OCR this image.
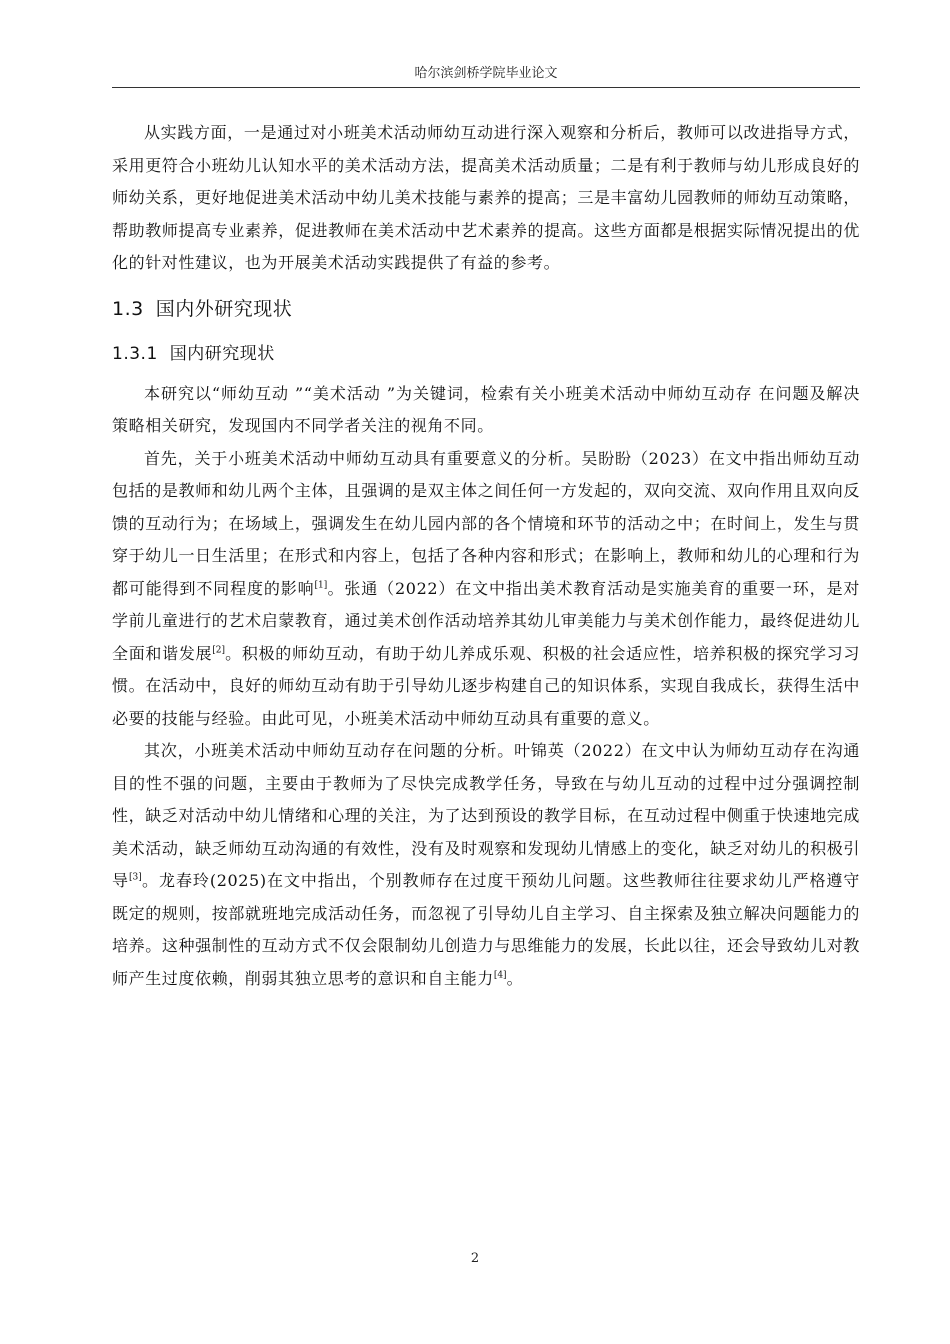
哈尔滨剑桥学院毕业论文

从实践方面，一是通过对小班美术活动师幼互动进行深入观察和分析后，教师可以改进指导方式，采用更符合小班幼儿认知水平的美术活动方法，提高美术活动质量；二是有利于教师与幼儿形成良好的师幼关系，更好地促进美术活动中幼儿美术技能与素养的提高；三是丰富幼儿园教师的师幼互动策略，帮助教师提高专业素养，促进教师在美术活动中艺术素养的提高。这些方面都是根据实际情况提出的优化的针对性建议，也为开展美术活动实践提供了有益的参考。

1.3 国内外研究现状
1.3.1 国内研究现状

本研究以“师幼互动 ”“美术活动 ”为关键词，检索有关小班美术活动中师幼互动存 在问题及解决策略相关研究，发现国内不同学者关注的视角不同。

首先，关于小班美术活动中师幼互动具有重要意义的分析。吴盼盼（2023）在文中指出师幼互动包括的是教师和幼儿两个主体，且强调的是双主体之间任何一方发起的，双向交流、双向作用且双向反馈的互动行为；在场域上，强调发生在幼儿园内部的各个情境和环节的活动之中；在时间上，发生与贯穿于幼儿一日生活里；在形式和内容上，包括了各种内容和形式；在影响上，教师和幼儿的心理和行为都可能得到不同程度的影响[1]。张通（2022）在文中指出美术教育活动是实施美育的重要一环，是对学前儿童进行的艺术启蒙教育，通过美术创作活动培养其幼儿审美能力与美术创作能力，最终促进幼儿全面和谐发展[2]。积极的师幼互动，有助于幼儿养成乐观、积极的社会适应性，培养积极的探究学习习惯。在活动中，良好的师幼互动有助于引导幼儿逐步构建自己的知识体系，实现自我成长，获得生活中必要的技能与经验。由此可见，小班美术活动中师幼互动具有重要的意义。

其次，小班美术活动中师幼互动存在问题的分析。叶锦英（2022）在文中认为师幼互动存在沟通目的性不强的问题，主要由于教师为了尽快完成教学任务，导致在与幼儿互动的过程中过分强调控制性，缺乏对活动中幼儿情绪和心理的关注，为了达到预设的教学目标，在互动过程中侧重于快速地完成美术活动，缺乏师幼互动沟通的有效性，没有及时观察和发现幼儿情感上的变化，缺乏对幼儿的积极引导[3]。龙春玲(2025)在文中指出，个别教师存在过度干预幼儿问题。这些教师往往要求幼儿严格遵守既定的规则，按部就班地完成活动任务，而忽视了引导幼儿自主学习、自主探索及独立解决问题能力的培养。这种强制性的互动方式不仅会限制幼儿创造力与思维能力的发展，长此以往，还会导致幼儿对教师产生过度依赖，削弱其独立思考的意识和自主能力[4]。

2
